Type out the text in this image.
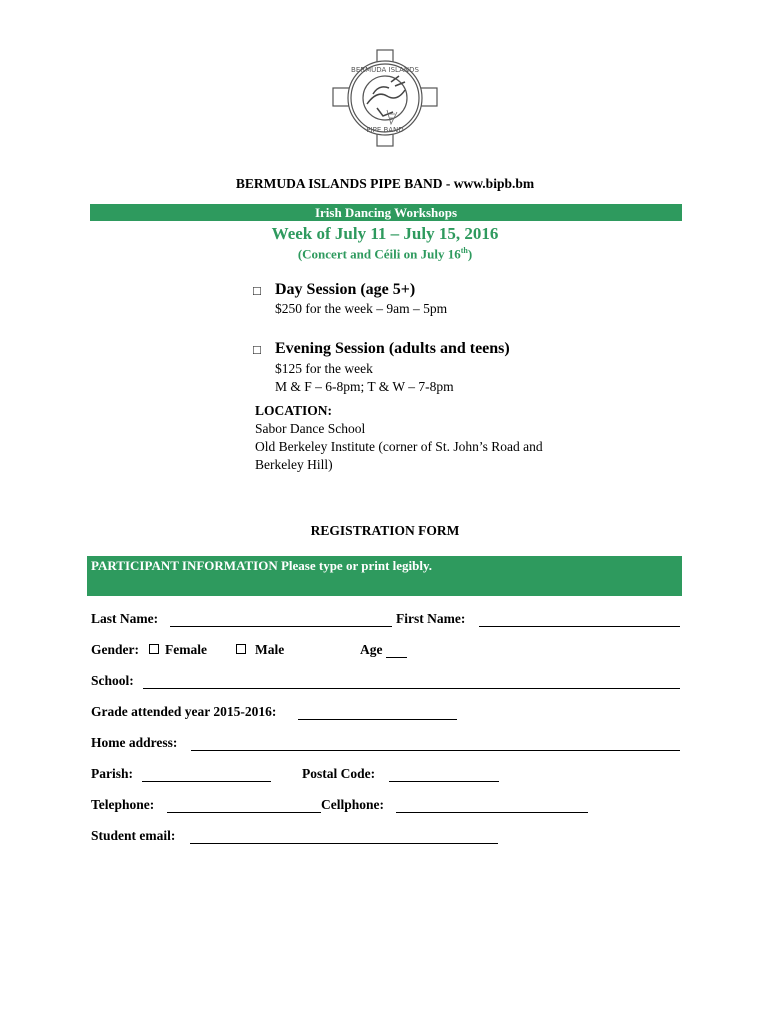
BERMUDA ISLANDS
PIPE BAND
BERMUDA ISLANDS PIPE BAND - www.bipb.bm
Irish Dancing Workshops
Week of July 11 – July 15, 2016
(Concert and Céili on July 16th)
□ Day Session (age 5+)
$250 for the week – 9am – 5pm
□ Evening Session (adults and teens)
$125 for the week
M & F – 6-8pm; T & W – 7-8pm
LOCATION:
Sabor Dance School
Old Berkeley Institute (corner of St. John’s Road and
Berkeley Hill)
REGISTRATION FORM
PARTICIPANT INFORMATION Please type or print legibly.
Last Name:	First Name:
Gender: Female	Male	Age
School:
Grade attended year 2015-2016:
Home address:
Parish:	Postal Code:
Telephone:	Cellphone:
Student email:
